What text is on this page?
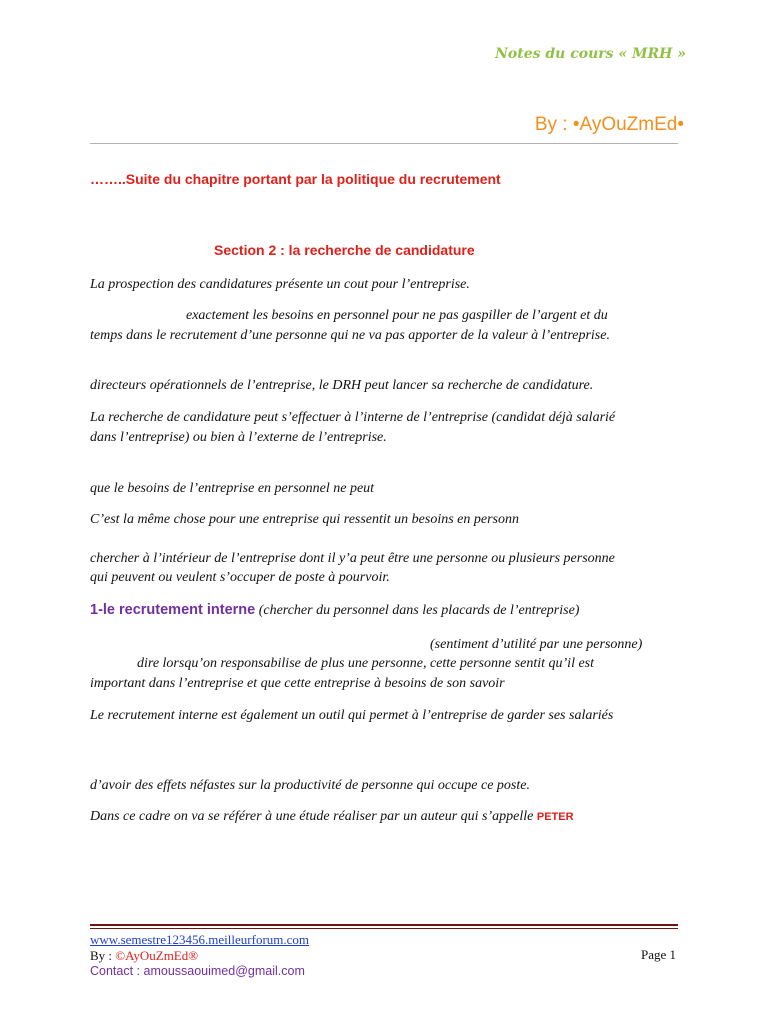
Notes du cours « MRH »
By : •AyOuZmEd•
……..Suite du chapitre portant par la politique du recrutement
Section 2 : la recherche de candidature
La prospection des candidatures présente un cout pour l’entreprise.
exactement les besoins en personnel pour ne pas gaspiller de l’argent et du
temps dans le recrutement d’une personne qui ne va pas apporter de la valeur à l’entreprise.
directeurs opérationnels de l’entreprise, le DRH peut lancer sa recherche de candidature.
La recherche de candidature peut s’effectuer à l’interne de l’entreprise (candidat déjà salarié
dans l’entreprise) ou bien à l’externe de l’entreprise.
que le besoins de l’entreprise en personnel ne peut
C’est la même chose pour une entreprise qui ressentit un besoins en personn
chercher à l’intérieur de l’entreprise dont il y’a peut être une personne ou plusieurs personne
qui peuvent ou veulent s’occuper de poste à pourvoir.
1-le recrutement interne (chercher du personnel dans les placards de l’entreprise)
(sentiment d’utilité par une personne)
dire lorsqu’on responsabilise de plus une personne, cette personne sentit qu’il est
important dans l’entreprise et que cette entreprise à besoins de son savoir
Le recrutement interne est également un outil qui permet à l’entreprise de garder ses salariés
d’avoir des effets néfastes sur la productivité de personne qui occupe ce poste.
Dans ce cadre on va se référer à une étude réaliser par un auteur qui s’appelle PETER
www.semestre123456.meilleurforum.com
By : ©AyOuZmEd®
Contact : amoussaouimed@gmail.com
Page 1
